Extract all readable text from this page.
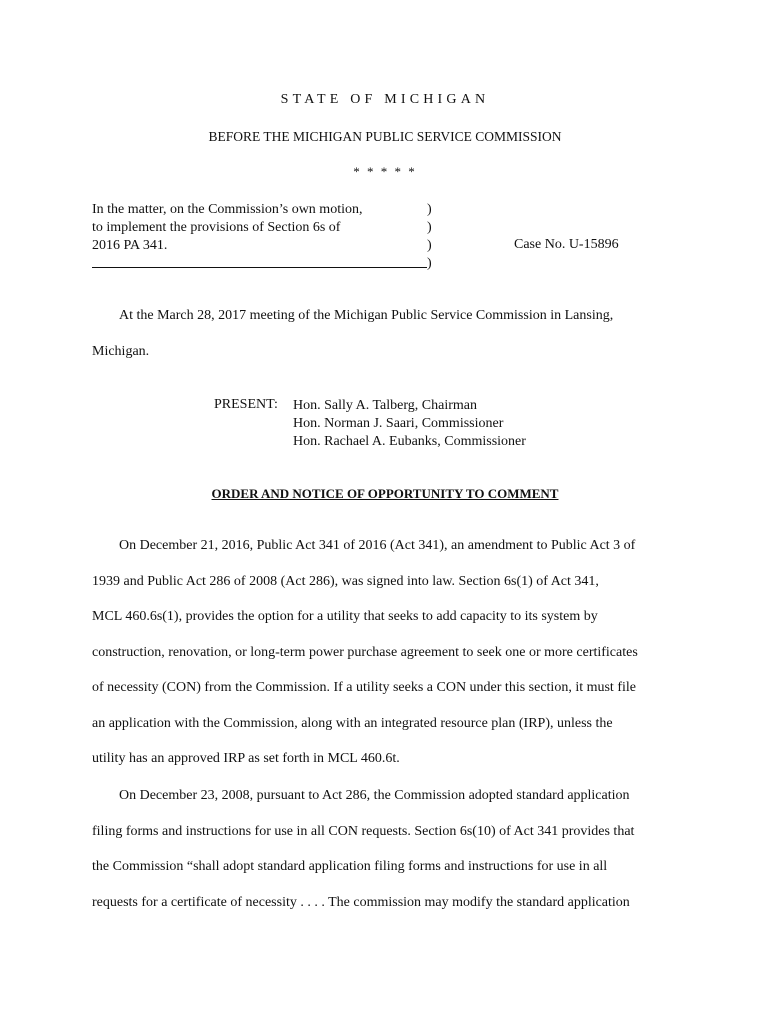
STATE OF MICHIGAN
BEFORE THE MICHIGAN PUBLIC SERVICE COMMISSION
* * * * *
In the matter, on the Commission’s own motion,
to implement the provisions of Section 6s of
2016 PA 341.
)
)
)
)
Case No. U-15896
At the March 28, 2017 meeting of the Michigan Public Service Commission in Lansing,
Michigan.
PRESENT: Hon. Sally A. Talberg, Chairman
Hon. Norman J. Saari, Commissioner
Hon. Rachael A. Eubanks, Commissioner
ORDER AND NOTICE OF OPPORTUNITY TO COMMENT
On December 21, 2016, Public Act 341 of 2016 (Act 341), an amendment to Public Act 3 of
1939 and Public Act 286 of 2008 (Act 286), was signed into law. Section 6s(1) of Act 341,
MCL 460.6s(1), provides the option for a utility that seeks to add capacity to its system by
construction, renovation, or long-term power purchase agreement to seek one or more certificates
of necessity (CON) from the Commission. If a utility seeks a CON under this section, it must file
an application with the Commission, along with an integrated resource plan (IRP), unless the
utility has an approved IRP as set forth in MCL 460.6t.
On December 23, 2008, pursuant to Act 286, the Commission adopted standard application
filing forms and instructions for use in all CON requests. Section 6s(10) of Act 341 provides that
the Commission “shall adopt standard application filing forms and instructions for use in all
requests for a certificate of necessity . . . . The commission may modify the standard application
